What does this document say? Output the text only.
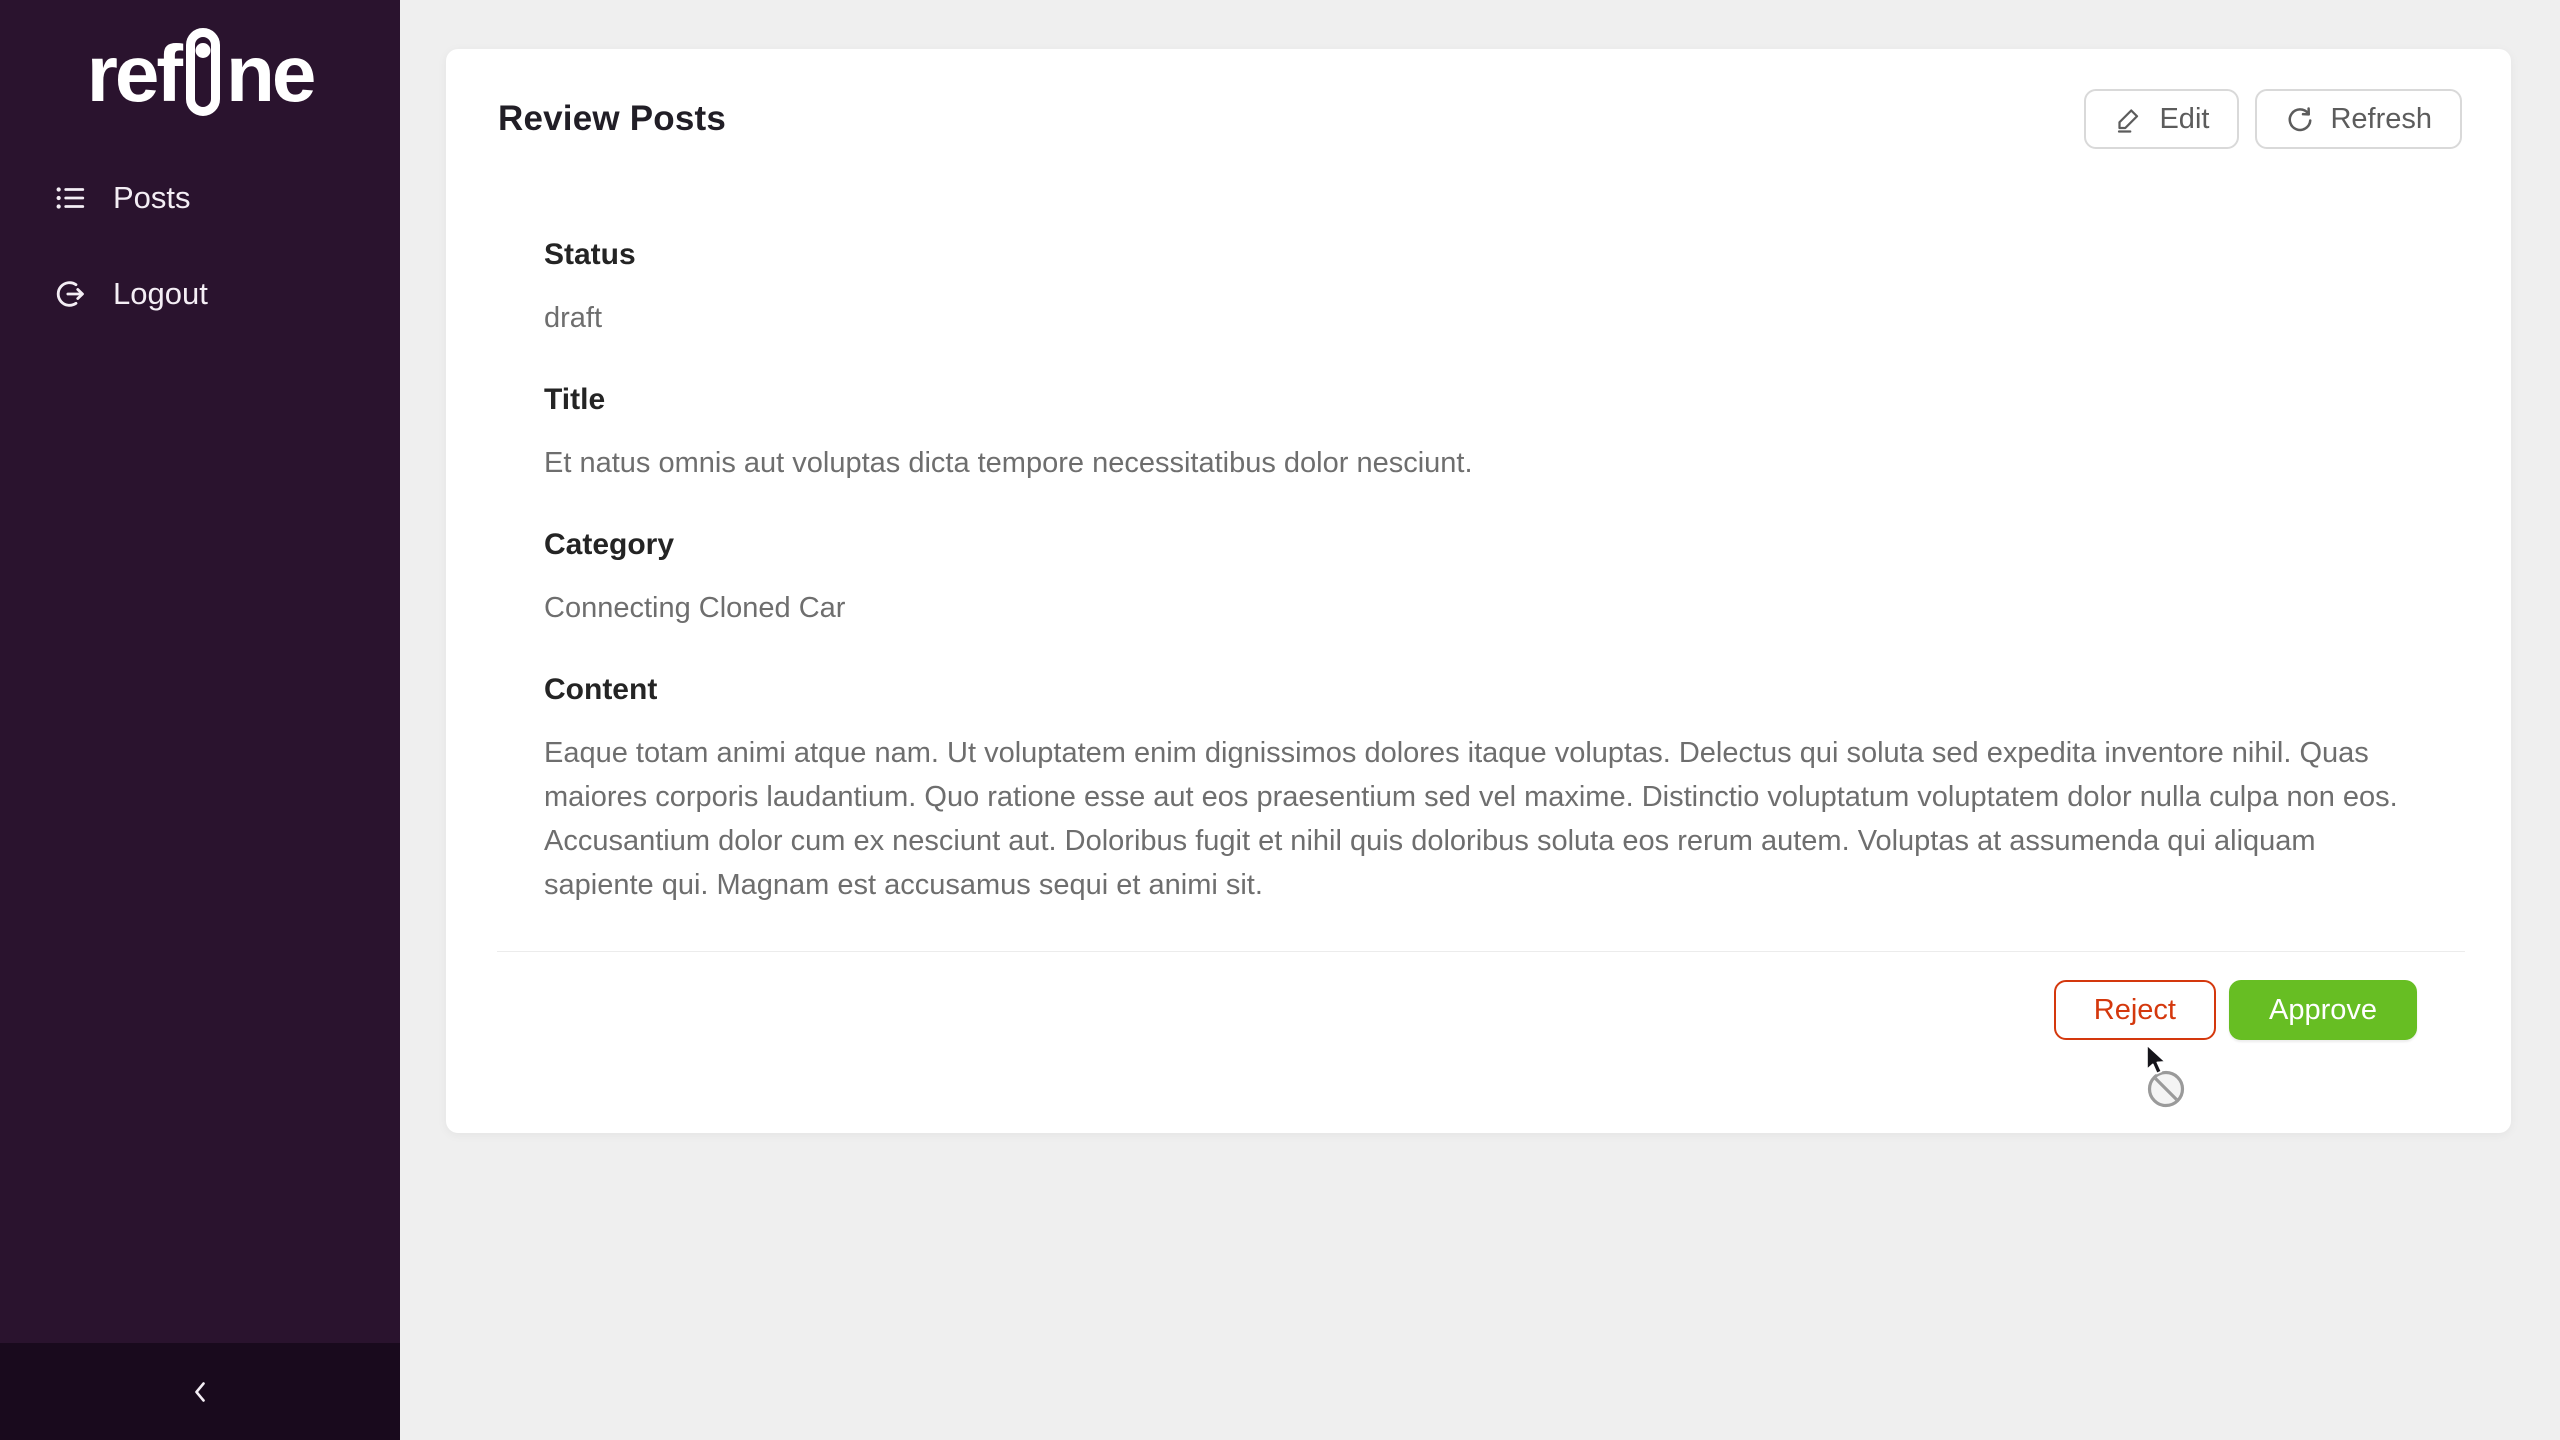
ref ne
Posts
Logout
Review Posts	Edit	Refresh
Status
draft
Title
Et natus omnis aut voluptas dicta tempore necessitatibus dolor nesciunt.
Category
Connecting Cloned Car
Content
Eaque totam animi atque nam. Ut voluptatem enim dignissimos dolores itaque voluptas. Delectus qui soluta sed expedita inventore nihil. Quas maiores corporis laudantium. Quo ratione esse aut eos praesentium sed vel maxime. Distinctio voluptatum voluptatem dolor nulla culpa non eos. Accusantium dolor cum ex nesciunt aut. Doloribus fugit et nihil quis doloribus soluta eos rerum autem. Voluptas at assumenda qui aliquam sapiente qui. Magnam est accusamus sequi et animi sit.
Reject	Approve
